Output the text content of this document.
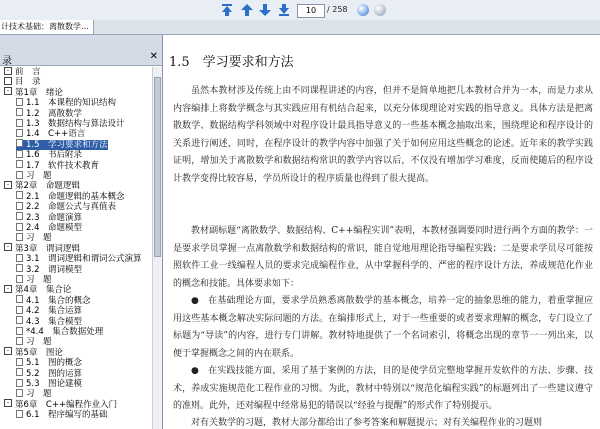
10	/ 258
计技术基础：离散数学…
录	✕
- 前　言
目　录
- 第1章　绪论
1.1　本课程的知识结构
1.2　离散数学
1.3　数据结构与算法设计
1.4　C++语言
1.5　学习要求和方法
1.6　书后附录
1.7　软件技术教育
习　题
- 第2章　命题逻辑
2.1　命题逻辑的基本概念
2.2　命题公式与真值表
2.3　命题演算
2.4　命题模型
习　题
- 第3章　谓词逻辑
3.1　谓词逻辑和谓词公式演算
3.2　谓词模型
习　题
- 第4章　集合论
4.1　集合的概念
4.2　集合运算
4.3　集合模型
*4.4　集合数据处理
习　题
- 第5章　图论
5.1　图的概念
5.2　图的运算
5.3　图论建模
习　题
- 第6章　C++编程作业入门
6.1　程序编写的基础
1.5　学习要求和方法
虽然本教材涉及传统上由不同课程讲述的内容，但并不是简单地把几本教材合并为一本，而是力求从内容编排上将数学概念与其实践应用有机结合起来，以充分体现理论对实践的指导意义。具体方法是把离散数学、数据结构学科领域中对程序设计最具指导意义的一些基本概念抽取出来，围绕理论和程序设计的关系进行阐述，同时，在程序设计的教学内容中加强了关于如何应用这些概念的论述。近年来的教学实践证明，增加关于离散数学和数据结构常识的教学内容以后，不仅没有增加学习难度，反而使随后的程序设计教学变得比较容易，学员所设计的程序质量也得到了很大提高。
教材副标题“离散数学、数据结构、C++编程实训”表明，本教材强调要同时进行两个方面的教学：一是要求学员掌握一点离散数学和数据结构的常识，能自觉地用理论指导编程实践；二是要求学员尽可能按照软件工业一线编程人员的要求完成编程作业，从中掌握科学的、严密的程序设计方法，养成规范化作业的概念和技能。具体要求如下：
●　在基础理论方面，要求学员熟悉离散数学的基本概念，培养一定的抽象思维的能力，着重掌握应用这些基本概念解决实际问题的方法。在编排形式上，对于一些重要的或者要求理解的概念，专门设立了标题为“导读”的内容，进行专门讲解。教材特地提供了一个名词索引，将概念出现的章节一一列出来，以便于掌握概念之间的内在联系。
●　在实践技能方面，采用了基于案例的方法，目的是使学员完整地掌握开发软件的方法、步骤、技术，养成实施规范化工程作业的习惯。为此，教材中特别以“规范化编程实践”的标题列出了一些建议遵守的准则。此外，还对编程中经常易犯的错误以“经验与提醒”的形式作了特别提示。
对有关数学的习题，教材大部分都给出了参考答案和解题提示；对有关编程作业的习题则
